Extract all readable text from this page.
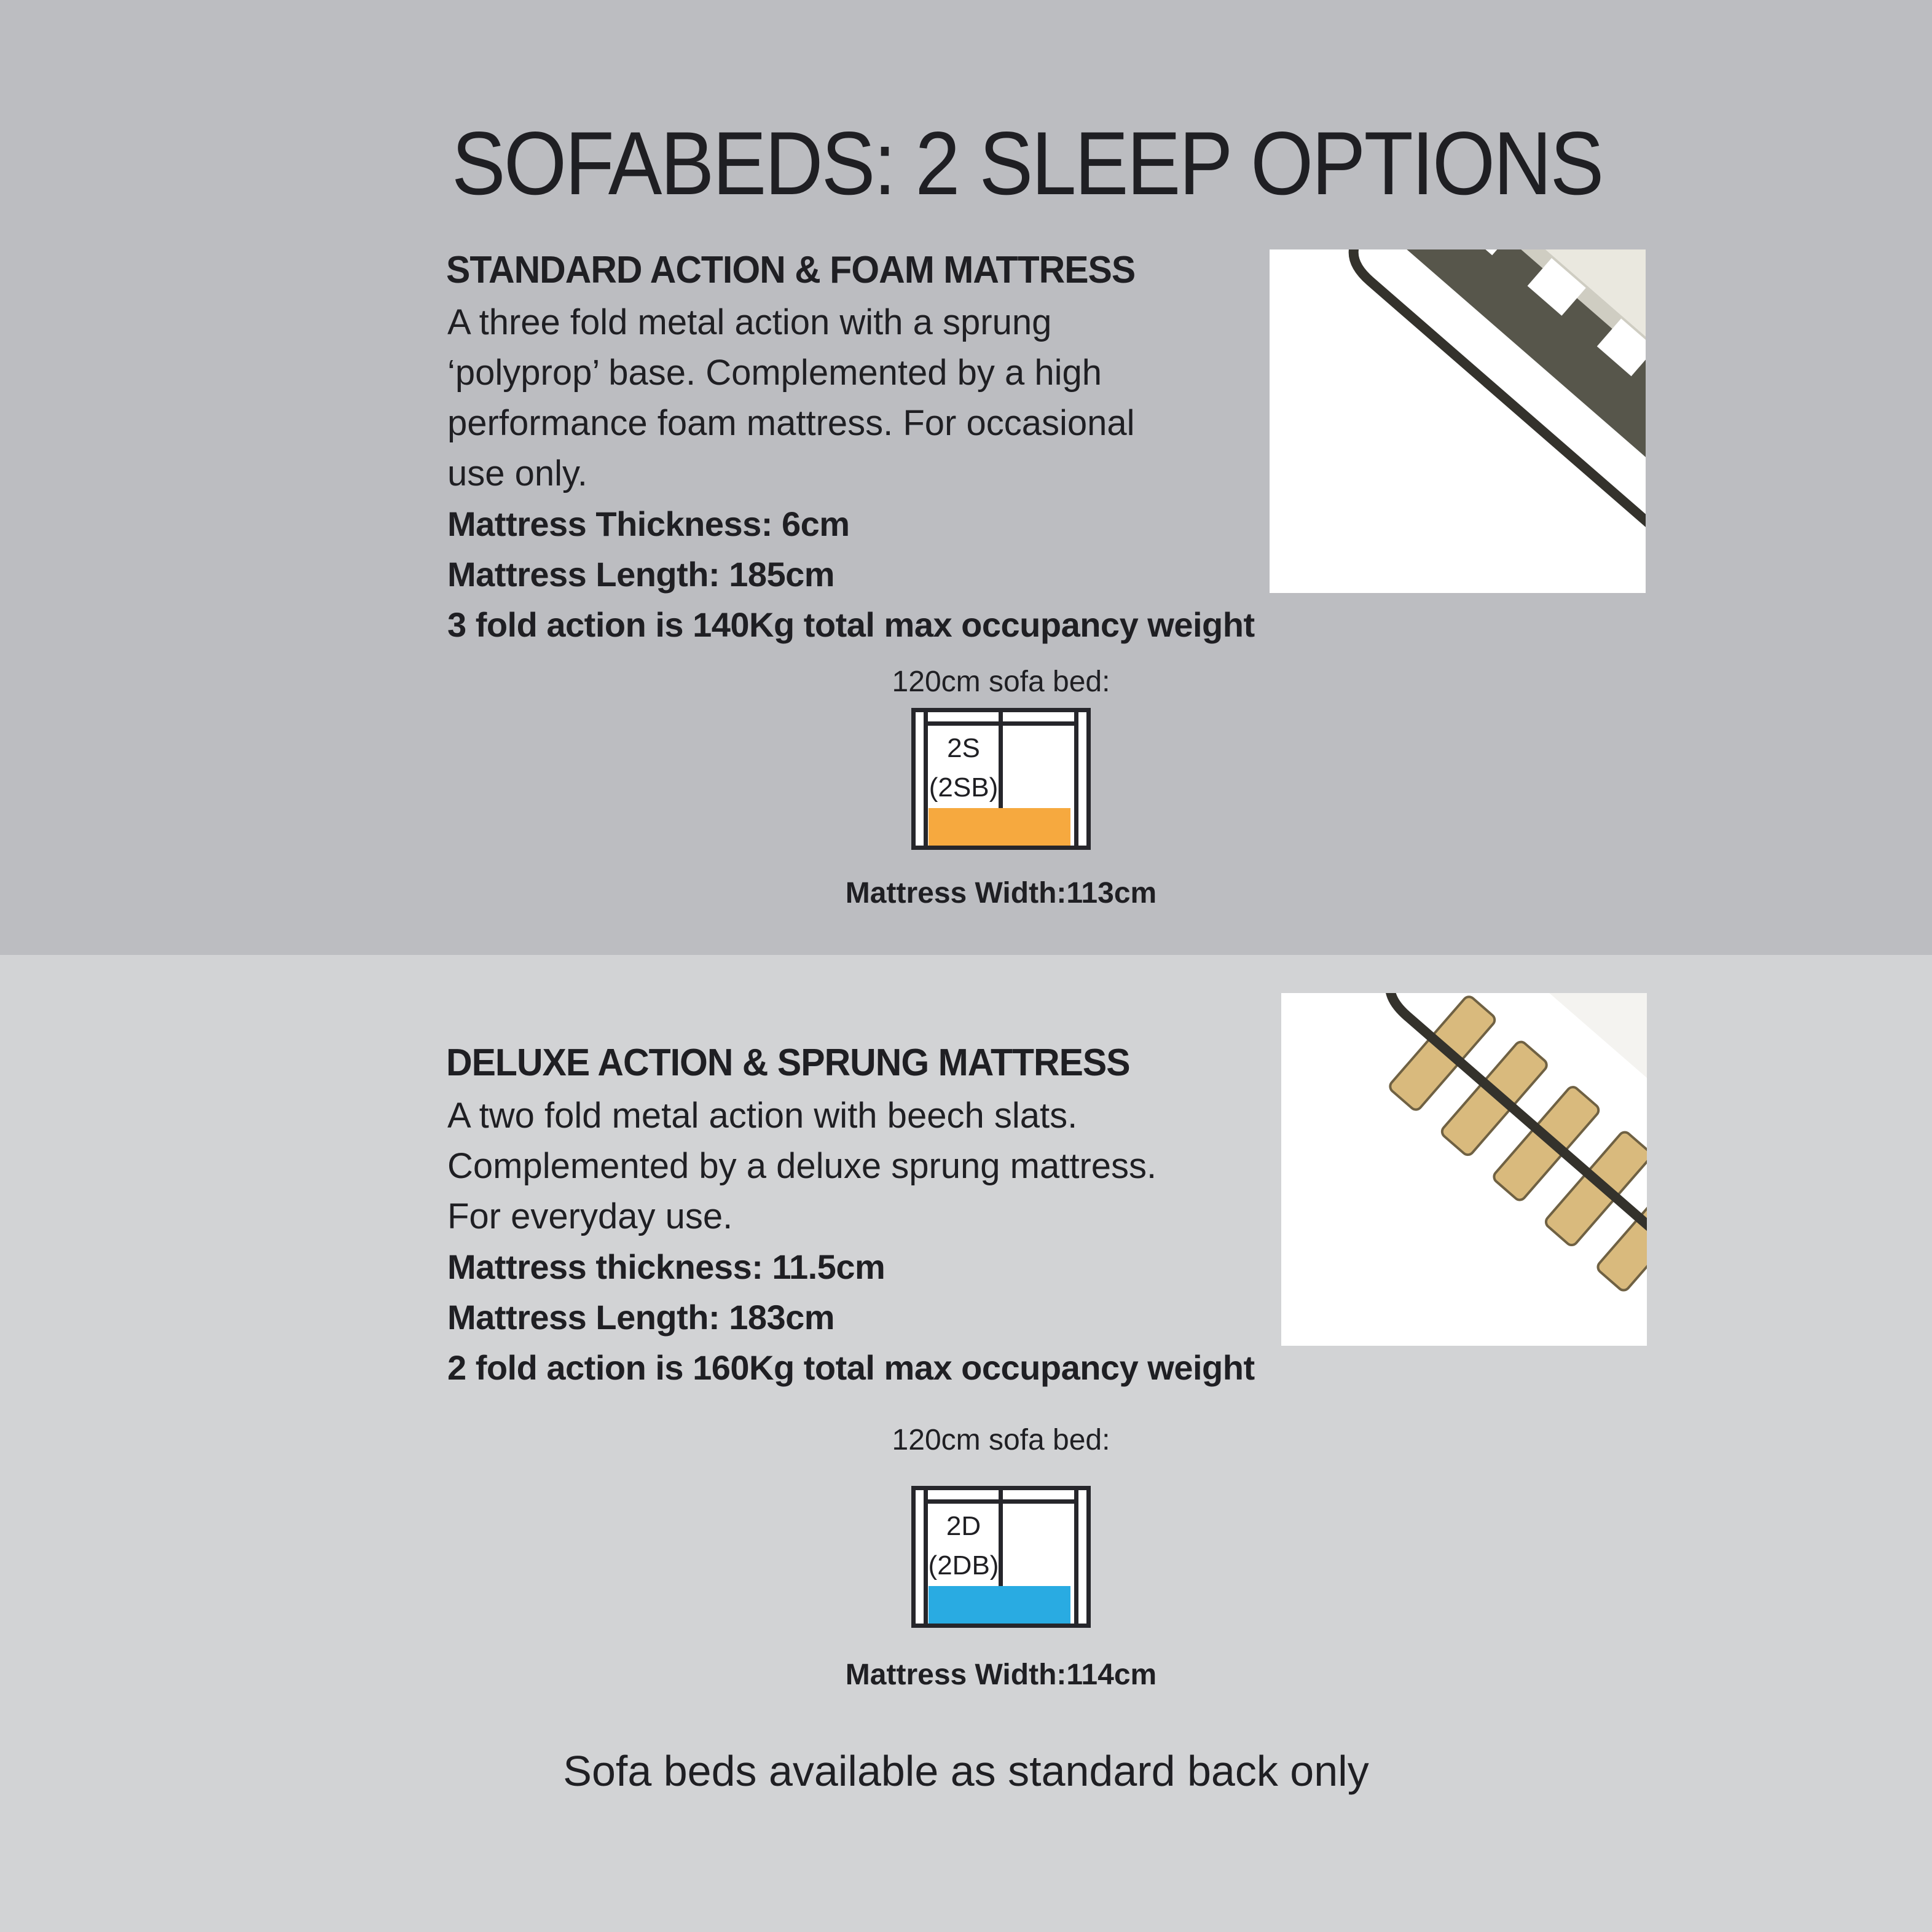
SOFABEDS: 2 SLEEP OPTIONS
STANDARD ACTION & FOAM MATTRESS
A three fold metal action with a sprung
‘polyprop’ base. Complemented by a high
performance foam mattress. For occasional
use only.
Mattress Thickness: 6cm
Mattress Length: 185cm
3 fold action is 140Kg total max occupancy weight
120cm sofa bed:
2S
(2SB)
Mattress Width:113cm
DELUXE ACTION & SPRUNG MATTRESS
A two fold metal action with beech slats.
Complemented by a deluxe sprung mattress.
For everyday use.
Mattress thickness: 11.5cm
Mattress Length: 183cm
2 fold action is 160Kg total max occupancy weight
120cm sofa bed:
2D
(2DB)
Mattress Width:114cm
Sofa beds available as standard back only
